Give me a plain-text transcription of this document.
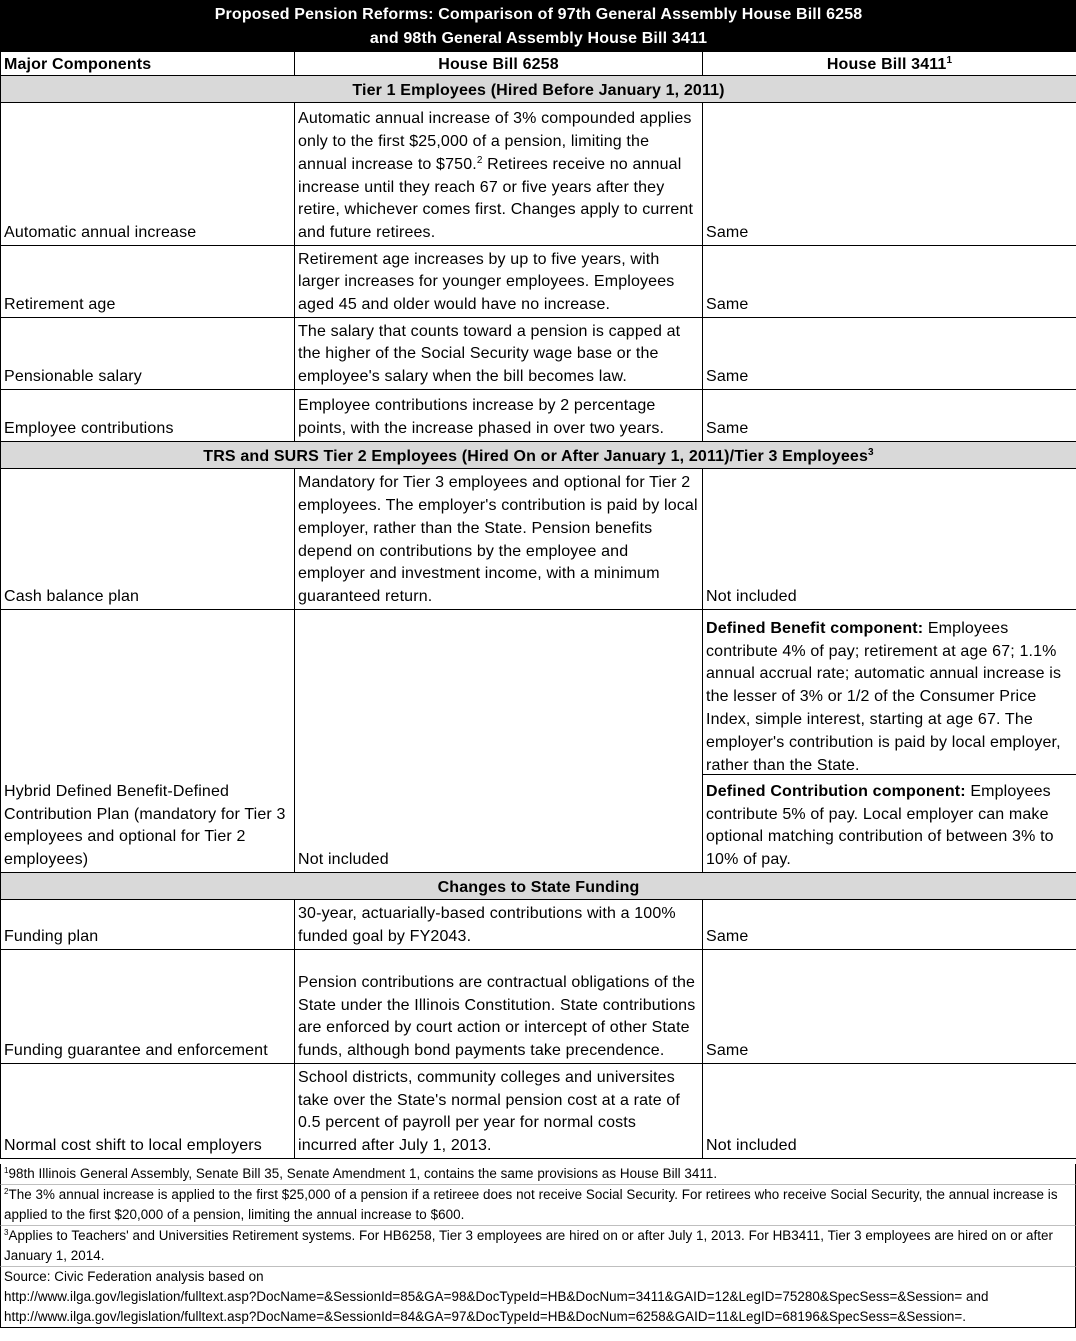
Proposed Pension Reforms: Comparison of 97th General Assembly House Bill 6258
and 98th General Assembly House Bill 3411		
Major Components	House Bill 6258	House Bill 3411$^1$
Tier 1 Employees (Hired Before January 1, 2011)		
Automatic annual increase	Automatic annual increase of 3% compounded applies only to the first $25,000 of a pension, limiting the annual increase to $750.$^2$ Retirees receive no annual increase until they reach 67 or five years after they retire, whichever comes first. Changes apply to current and future retirees.	Same
Retirement age	Retirement age increases by up to five years, with larger increases for younger employees. Employees aged 45 and older would have no increase.	Same
Pensionable salary	The salary that counts toward a pension is capped at the higher of the Social Security wage base or the employee's salary when the bill becomes law.	Same
Employee contributions	Employee contributions increase by 2 percentage points, with the increase phased in over two years.	Same
TRS and SURS Tier 2 Employees (Hired On or After January 1, 2011)/Tier 3 Employees$^3$
Cash balance plan	Mandatory for Tier 3 employees and optional for Tier 2 employees. The employer's contribution is paid by local employer, rather than the State. Pension benefits depend on contributions by the employee and employer and investment income, with a minimum guaranteed return.	Not included
Hybrid Defined Benefit-Defined Contribution Plan (mandatory for Tier 3 employees and optional for Tier 2 employees)	Not included	Defined Benefit component: Employees contribute 4% of pay; retirement at age 67; 1.1% annual accrual rate; automatic annual increase is the lesser of 3% or 1/2 of the Consumer Price Index, simple interest, starting at age 67. The employer's contribution is paid by local employer, rather than the State.
Defined Contribution component: Employees contribute 5% of pay. Local employer can make optional matching contribution of between 3% to 10% of pay.

Changes to State Funding		
Funding plan	30-year, actuarially-based contributions with a 100% funded goal by FY2043.	Same
Funding guarantee and enforcement	Pension contributions are contractual obligations of the State under the Illinois Constitution. State contributions are enforced by court action or intercept of other State funds, although bond payments take precendence.	Same
Normal cost shift to local employers	School districts, community colleges and universites take over the State's normal pension cost at a rate of 0.5 percent of payroll per year for normal costs incurred after July 1, 2013.	Not included
$^1$98th Illinois General Assembly, Senate Bill 35, Senate Amendment 1, contains the same provisions as House Bill 3411.
$^2$The 3% annual increase is applied to the first $25,000 of a pension if a retireee does not receive Social Security. For retirees who receive Social Security, the annual increase is applied to the first $20,000 of a pension, limiting the annual increase to $600.
$^3$Applies to Teachers' and Universities Retirement systems. For HB6258, Tier 3 employees are hired on or after July 1, 2013. For HB3411, Tier 3 employees are hired on or after January 1, 2014.
Source: Civic Federation analysis based on
http://www.ilga.gov/legislation/fulltext.asp?DocName=&SessionId=85&GA=98&DocTypeId=HB&DocNum=3411&GAID=12&LegID=75280&SpecSess=&Session= and
http://www.ilga.gov/legislation/fulltext.asp?DocName=&SessionId=84&GA=97&DocTypeId=HB&DocNum=6258&GAID=11&LegID=68196&SpecSess=&Session=.
